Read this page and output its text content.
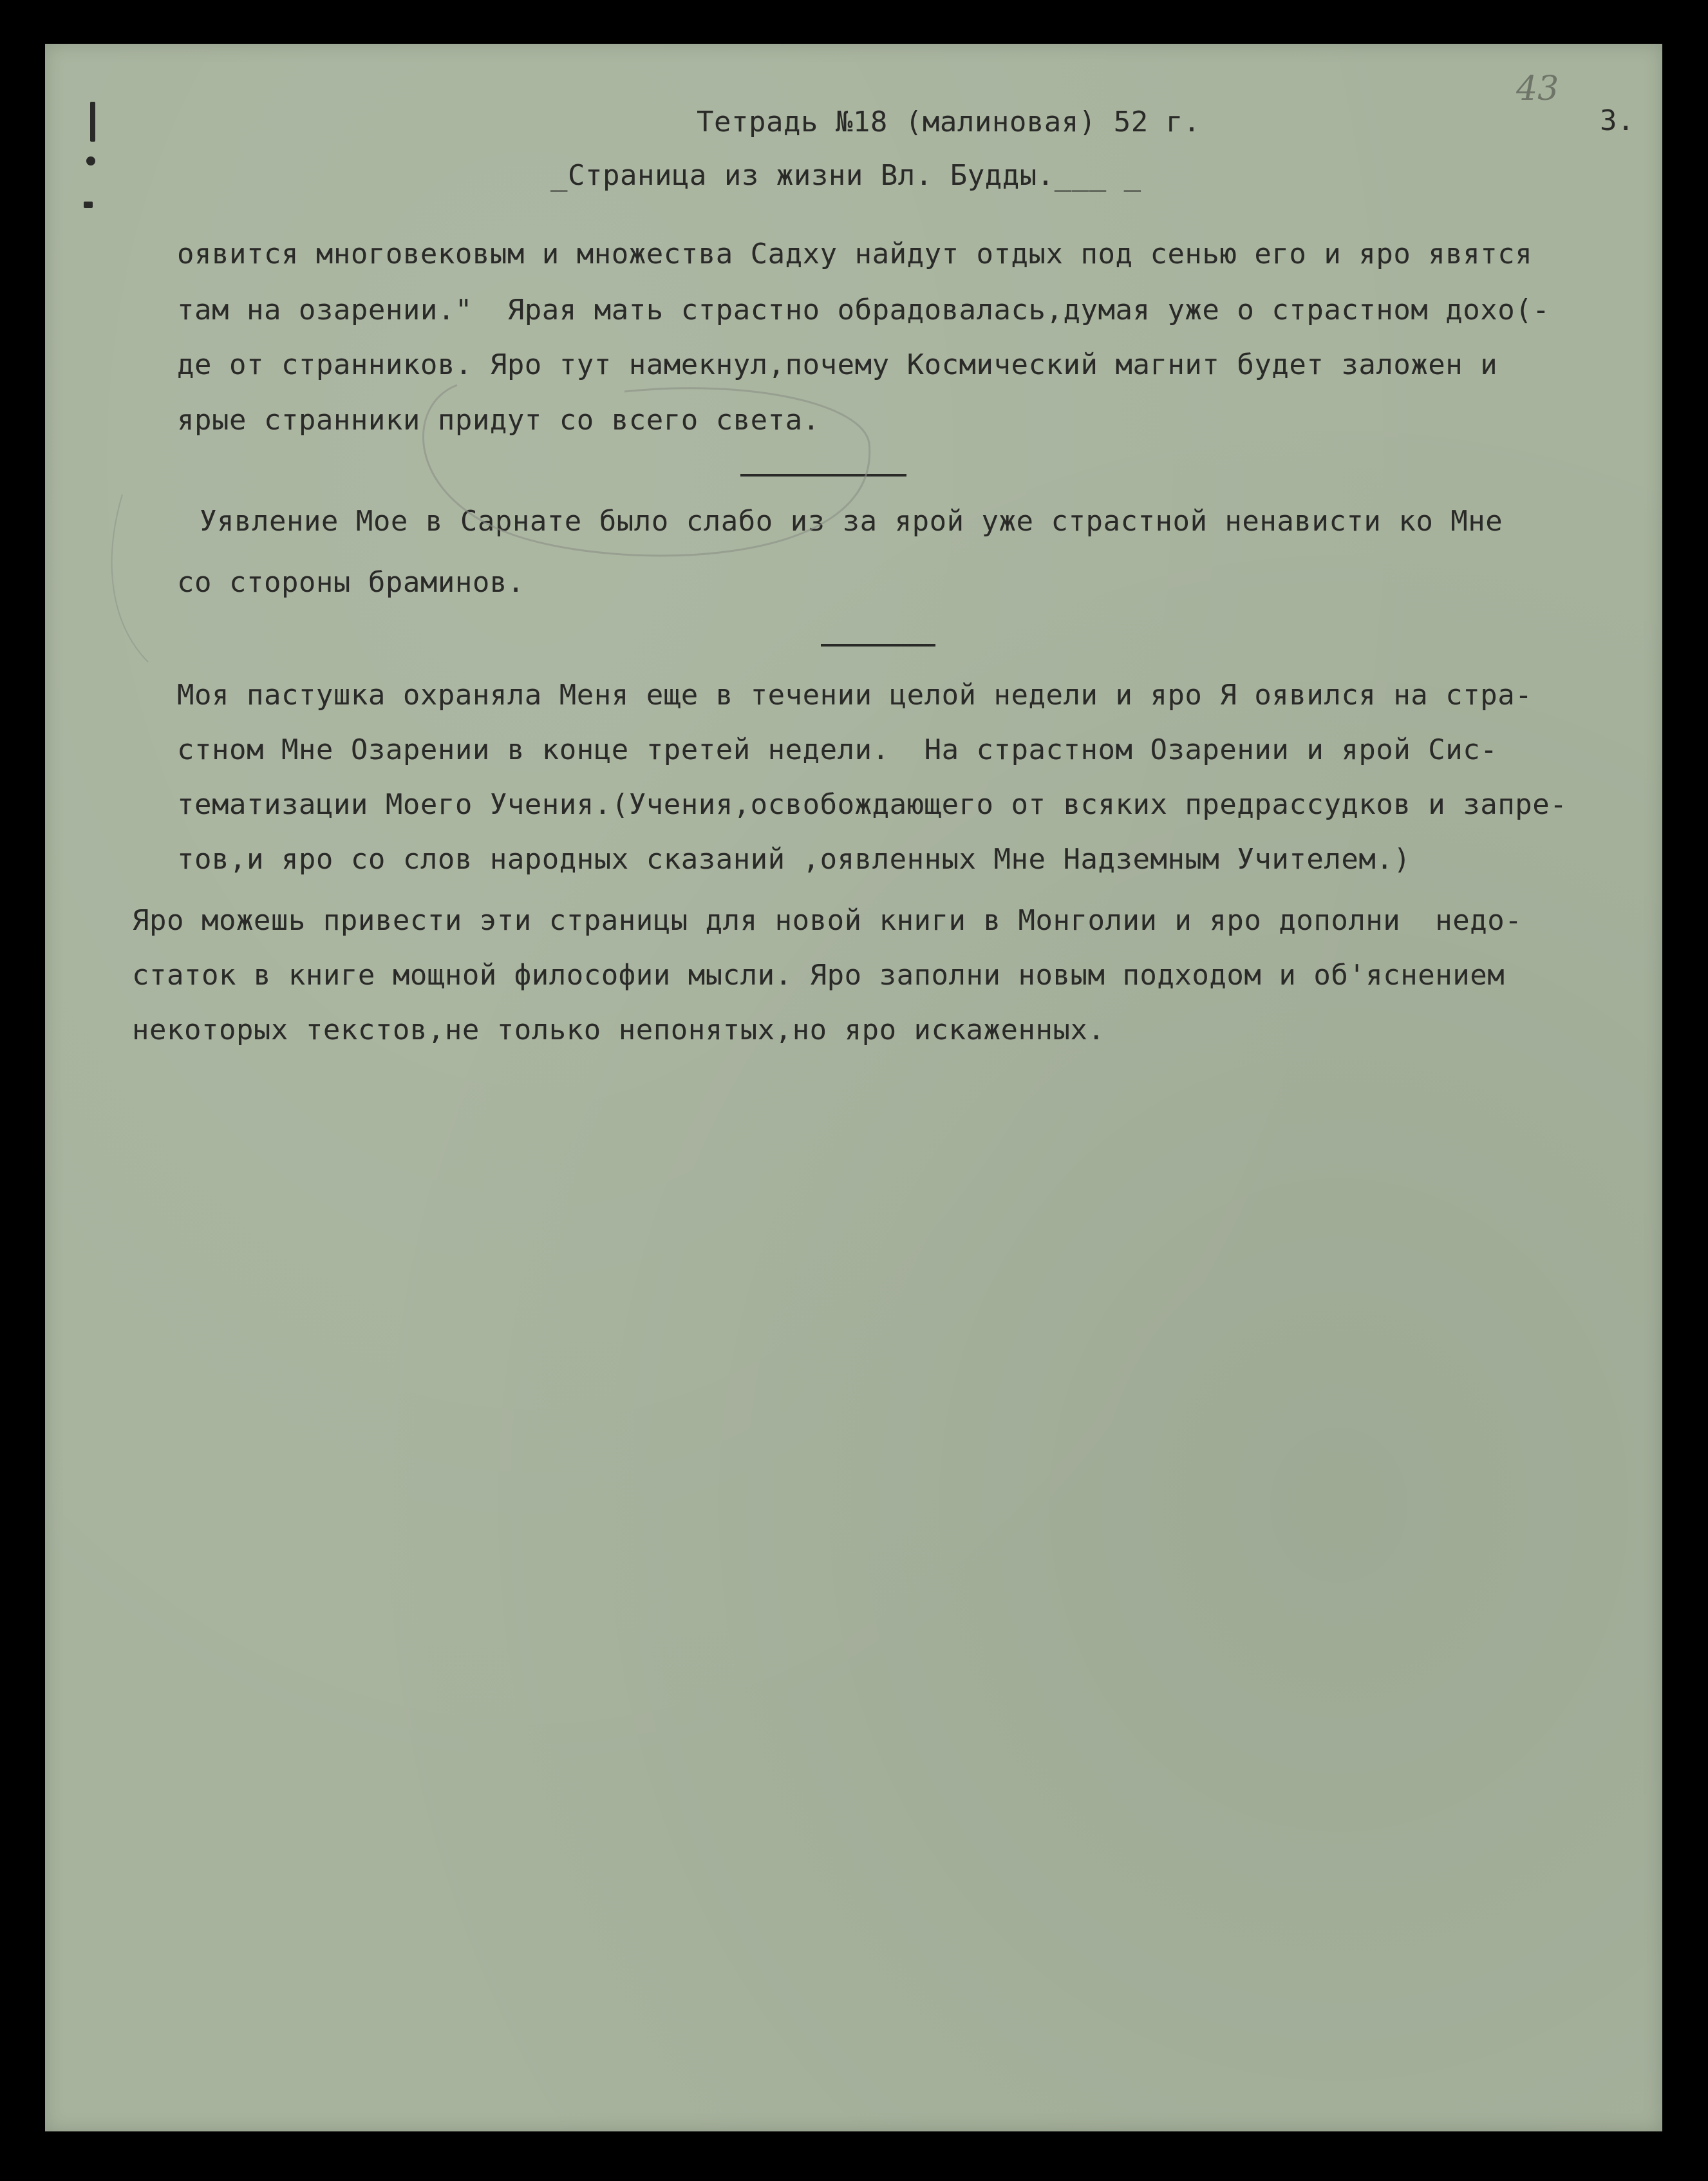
Тетрадь №18 (малиновая) 52 г.	3.
43
_Страница из жизни Вл. Будды.___ _
оявится многовековым и множества Садху найдут отдых под сенью его и яро явятся
там на озарении."  Ярая мать страстно обрадовалась,думая уже о страстном дохо(-
де от странников. Яро тут намекнул,почему Космический магнит будет заложен и
ярые странники придут со всего света.
Уявление Мое в Сарнате было слабо из за ярой уже страстной ненависти ко Мне
со стороны браминов.
Моя пастушка охраняла Меня еще в течении целой недели и яро Я оявился на стра-
стном Мне Озарении в конце третей недели.  На страстном Озарении и ярой Сис-
тематизации Моего Учения.(Учения,освобождающего от всяких предрассудков и запре-
тов,и яро со слов народных сказаний ,оявленных Мне Надземным Учителем.)
Яро можешь привести эти страницы для новой книги в Монголии и яро дополни  недо-
статок в книге мощной философии мысли. Яро заполни новым подходом и об'яснением
некоторых текстов,не только непонятых,но яро искаженных.
